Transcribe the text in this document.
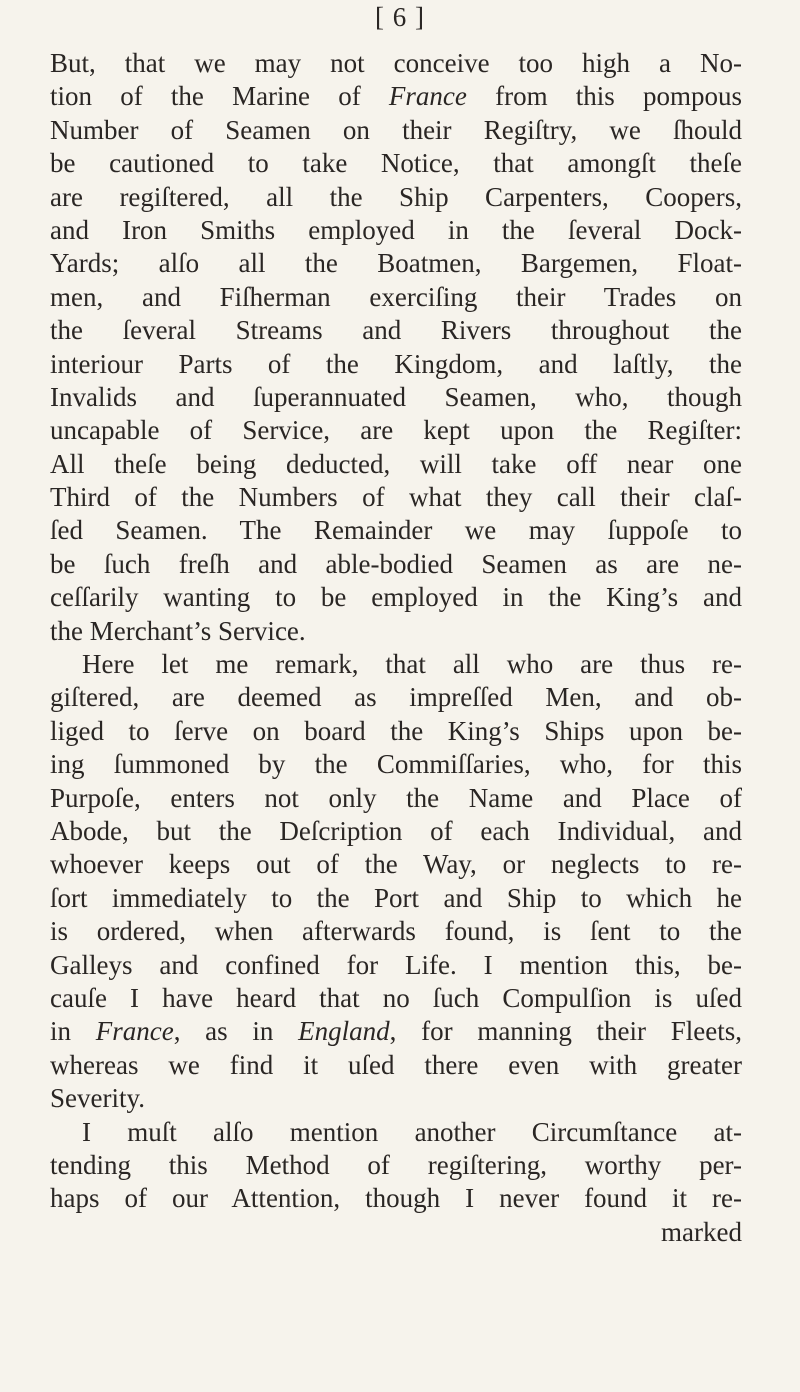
[ 6 ]
But, that we may not conceive too high a No-
tion of the Marine of France from this pompous
Number of Seamen on their Regiſtry, we ſhould
be cautioned to take Notice, that amongſt theſe
are regiſtered, all the Ship Carpenters, Coopers,
and Iron Smiths employed in the ſeveral Dock-
Yards; alſo all the Boatmen, Bargemen, Float-
men, and Fiſherman exerciſing their Trades on
the ſeveral Streams and Rivers throughout the
interiour Parts of the Kingdom, and laſtly, the
Invalids and ſuperannuated Seamen, who, though
uncapable of Service, are kept upon the Regiſter:
All theſe being deducted, will take off near one
Third of the Numbers of what they call their claſ-
ſed Seamen. The Remainder we may ſuppoſe to
be ſuch freſh and able-bodied Seamen as are ne-
ceſſarily wanting to be employed in the King’s and
the Merchant’s Service.
Here let me remark, that all who are thus re-
giſtered, are deemed as impreſſed Men, and ob-
liged to ſerve on board the King’s Ships upon be-
ing ſummoned by the Commiſſaries, who, for this
Purpoſe, enters not only the Name and Place of
Abode, but the Deſcription of each Individual, and
whoever keeps out of the Way, or neglects to re-
ſort immediately to the Port and Ship to which he
is ordered, when afterwards found, is ſent to the
Galleys and confined for Life. I mention this, be-
cauſe I have heard that no ſuch Compulſion is uſed
in France, as in England, for manning their Fleets,
whereas we find it uſed there even with greater
Severity.
I muſt alſo mention another Circumſtance at-
tending this Method of regiſtering, worthy per-
haps of our Attention, though I never found it re-
marked
